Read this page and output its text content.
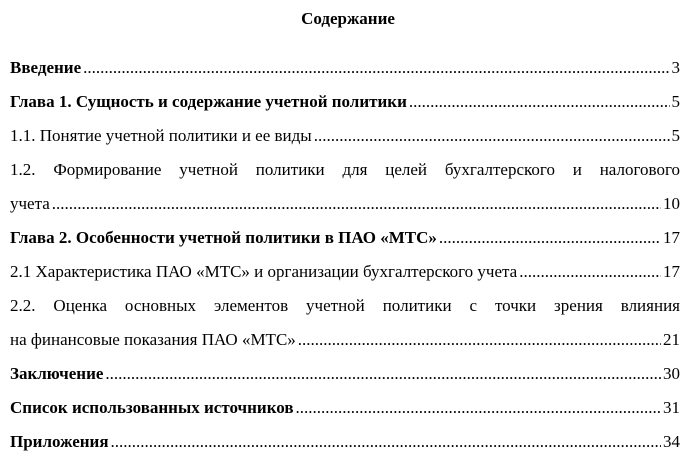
Содержание
Введение .....	3
Глава 1. Сущность и содержание учетной политики .....	5
1.1. Понятие учетной политики и ее виды .....	5
1.2. Формирование учетной политики для целей бухгалтерского и налогового
учета .....	10
Глава 2. Особенности учетной политики в ПАО «МТС» .....	17
2.1 Характеристика ПАО «МТС» и организации бухгалтерского учета .....	17
2.2. Оценка основных элементов учетной политики с точки зрения влияния
на финансовые показания ПАО «МТС» .....	21
Заключение .....	30
Список использованных источников .....	31
Приложения .....	34
